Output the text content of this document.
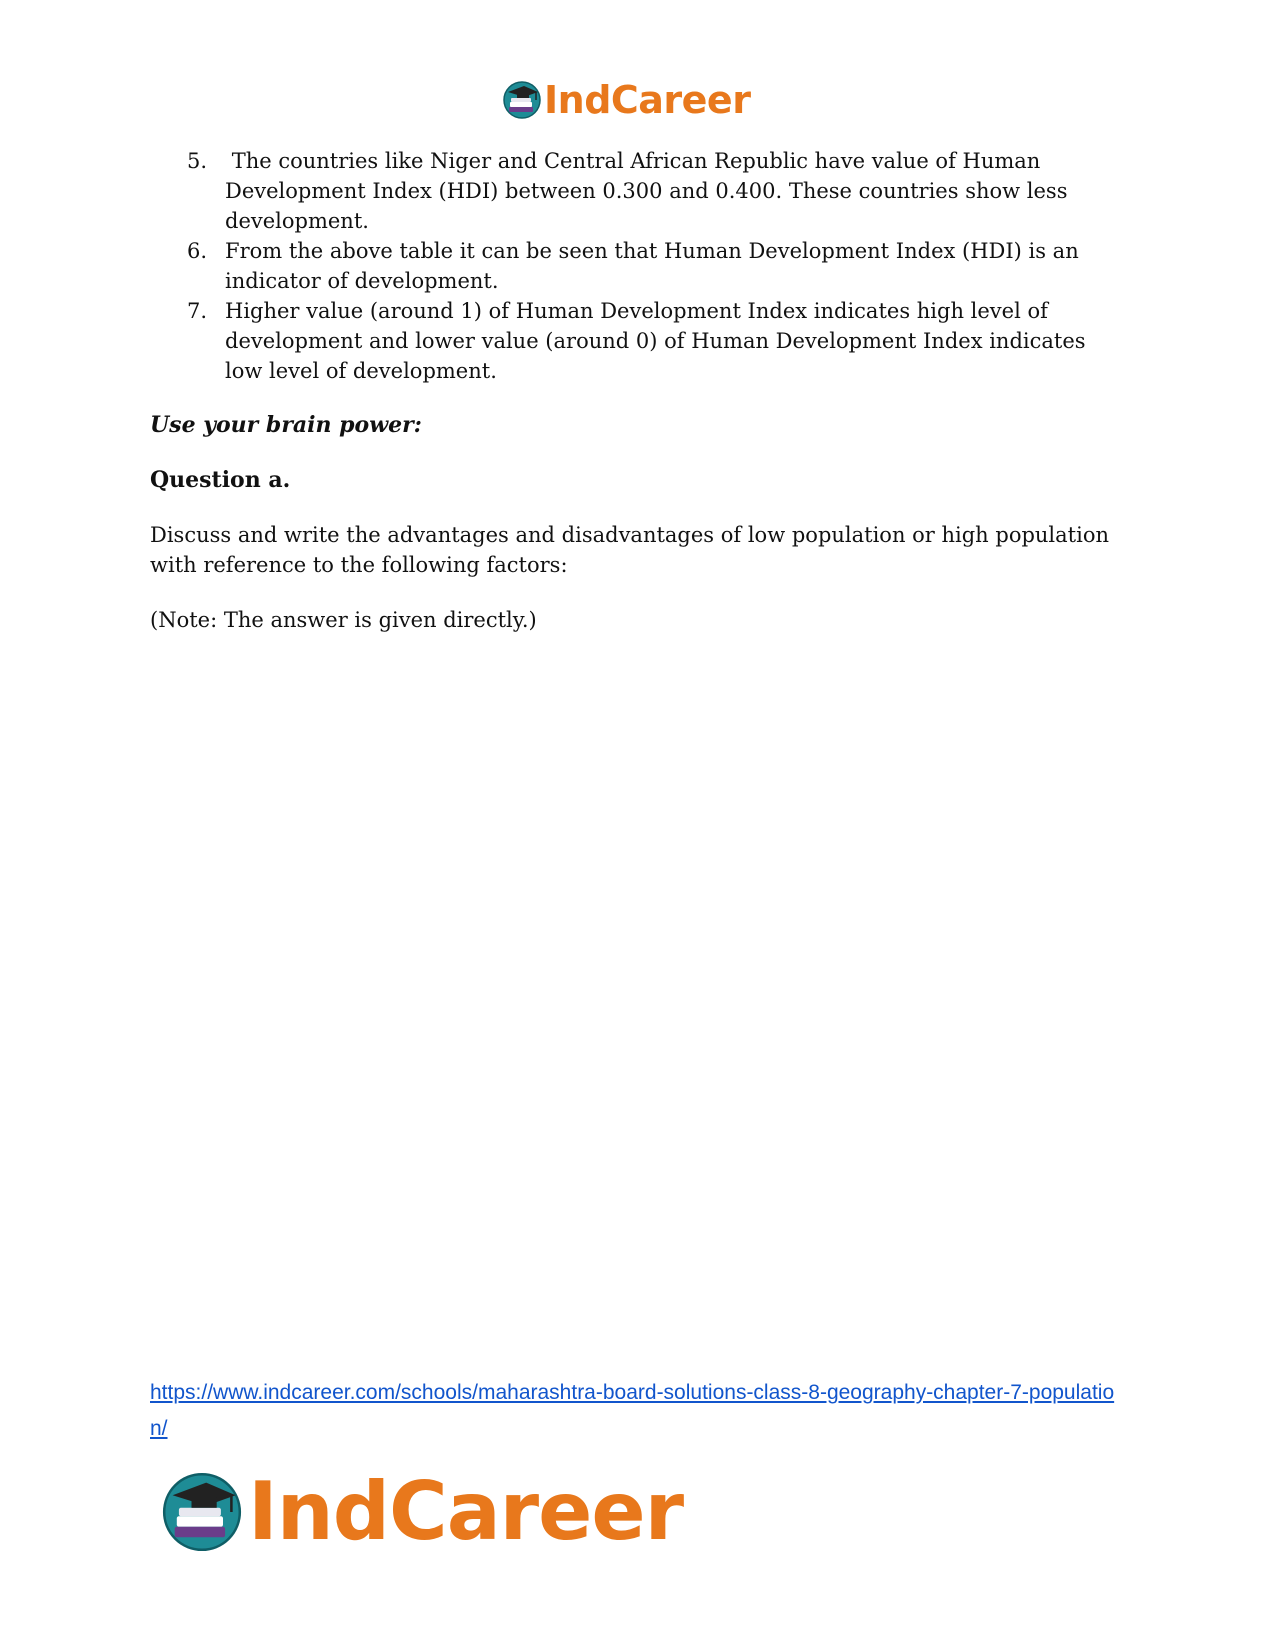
IndCareer
5. The countries like Niger and Central African Republic have value of Human Development Index (HDI) between 0.300 and 0.400. These countries show less development.
6. From the above table it can be seen that Human Development Index (HDI) is an indicator of development.
7. Higher value (around 1) of Human Development Index indicates high level of development and lower value (around 0) of Human Development Index indicates low level of development.
Use your brain power:
Question a.

Discuss and write the advantages and disadvantages of low population or high population with reference to the following factors:

(Note: The answer is given directly.)

https://www.indcareer.com/schools/maharashtra-board-solutions-class-8-geography-chapter-7-population/
IndCareer
